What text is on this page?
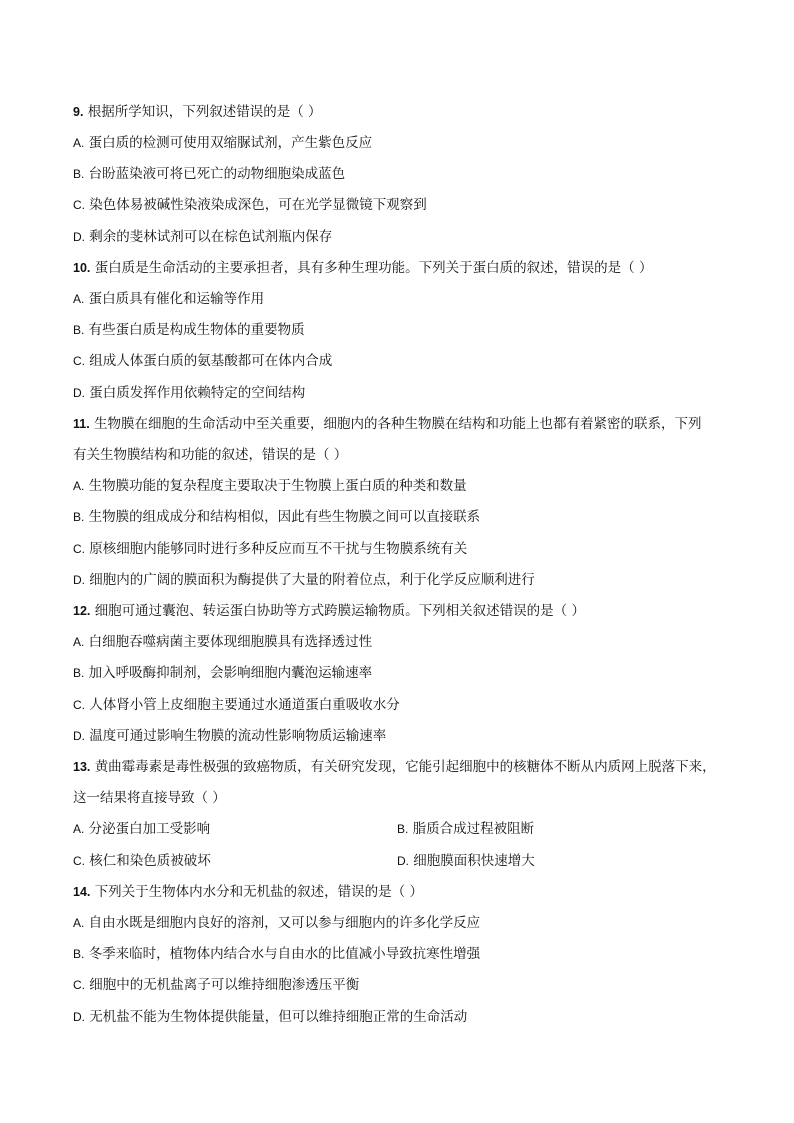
9. 根据所学知识，下列叙述错误的是（ ）
A. 蛋白质的检测可使用双缩脲试剂，产生紫色反应
B. 台盼蓝染液可将已死亡的动物细胞染成蓝色
C. 染色体易被碱性染液染成深色，可在光学显微镜下观察到
D. 剩余的斐林试剂可以在棕色试剂瓶内保存
10. 蛋白质是生命活动的主要承担者，具有多种生理功能。下列关于蛋白质的叙述，错误的是（ ）
A. 蛋白质具有催化和运输等作用
B. 有些蛋白质是构成生物体的重要物质
C. 组成人体蛋白质的氨基酸都可在体内合成
D. 蛋白质发挥作用依赖特定的空间结构
11. 生物膜在细胞的生命活动中至关重要，细胞内的各种生物膜在结构和功能上也都有着紧密的联系，下列
有关生物膜结构和功能的叙述，错误的是（ ）
A. 生物膜功能的复杂程度主要取决于生物膜上蛋白质的种类和数量
B. 生物膜的组成成分和结构相似，因此有些生物膜之间可以直接联系
C. 原核细胞内能够同时进行多种反应而互不干扰与生物膜系统有关
D. 细胞内的广阔的膜面积为酶提供了大量的附着位点，利于化学反应顺利进行
12. 细胞可通过囊泡、转运蛋白协助等方式跨膜运输物质。下列相关叙述错误的是（ ）
A. 白细胞吞噬病菌主要体现细胞膜具有选择透过性
B. 加入呼吸酶抑制剂，会影响细胞内囊泡运输速率
C. 人体肾小管上皮细胞主要通过水通道蛋白重吸收水分
D. 温度可通过影响生物膜的流动性影响物质运输速率
13. 黄曲霉毒素是毒性极强的致癌物质，有关研究发现，它能引起细胞中的核糖体不断从内质网上脱落下来，
这一结果将直接导致（ ）
A. 分泌蛋白加工受影响	B. 脂质合成过程被阻断
C. 核仁和染色质被破坏	D. 细胞膜面积快速增大
14. 下列关于生物体内水分和无机盐的叙述，错误的是（ ）
A. 自由水既是细胞内良好的溶剂，又可以参与细胞内的许多化学反应
B. 冬季来临时，植物体内结合水与自由水的比值减小导致抗寒性增强
C. 细胞中的无机盐离子可以维持细胞渗透压平衡
D. 无机盐不能为生物体提供能量，但可以维持细胞正常的生命活动
